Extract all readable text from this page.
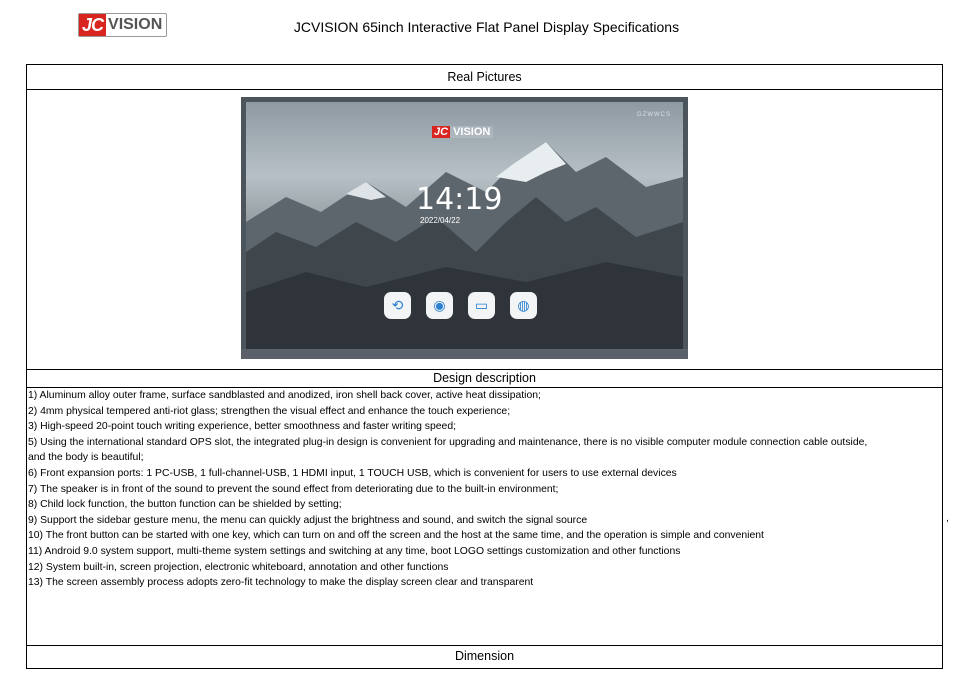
JC VISION	JCVISION 65inch Interactive Flat Panel Display Specifications
Real Pictures
GZWWCS
JC VISION
14:19
2022/04/22
⟲	◉	▭	◍
Design description
1) Aluminum alloy outer frame, surface sandblasted and anodized, iron shell back cover, active heat dissipation;
2) 4mm physical tempered anti-riot glass; strengthen the visual effect and enhance the touch experience;
3) High-speed 20-point touch writing experience, better smoothness and faster writing speed;
5) Using the international standard OPS slot, the integrated plug-in design is convenient for upgrading and maintenance, there is no visible computer module connection cable outside,
and the body is beautiful;
6) Front expansion ports: 1 PC-USB, 1 full-channel-USB, 1 HDMI input, 1 TOUCH USB, which is convenient for users to use external devices
7) The speaker is in front of the sound to prevent the sound effect from deteriorating due to the built-in environment;
8) Child lock function, the button function can be shielded by setting;
9) Support the sidebar gesture menu, the menu can quickly adjust the brightness and sound, and switch the signal source
10) The front button can be started with one key, which can turn on and off the screen and the host at the same time, and the operation is simple and convenient
11) Android 9.0 system support, multi-theme system settings and switching at any time, boot LOGO settings customization and other functions
12) System built-in, screen projection, electronic whiteboard, annotation and other functions
13) The screen assembly process adopts zero-fit technology to make the display screen clear and transparent
Dimension
,
